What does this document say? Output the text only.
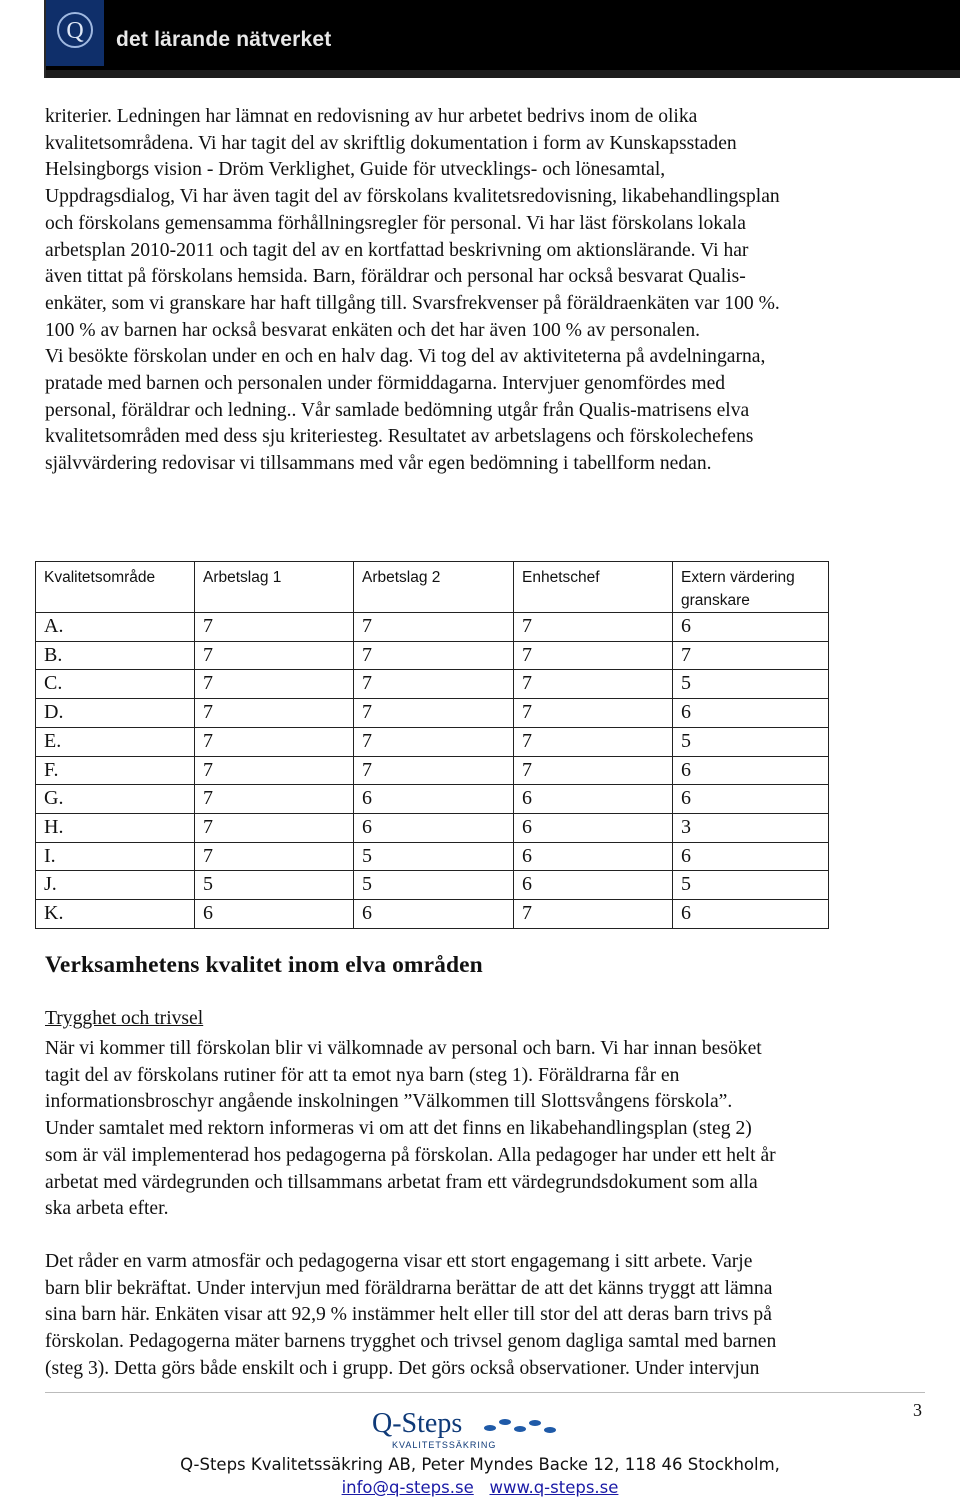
Q det lärande nätverket

kriterier. Ledningen har lämnat en redovisning av hur arbetet bedrivs inom de olika

kvalitetsområdena. Vi har tagit del av skriftlig dokumentation i form av Kunskapsstaden

Helsingborgs vision - Dröm Verklighet, Guide för utvecklings- och lönesamtal,

Uppdragsdialog, Vi har även tagit del av förskolans kvalitetsredovisning, likabehandlingsplan

och förskolans gemensamma förhållningsregler för personal. Vi har läst förskolans lokala

arbetsplan 2010-2011 och tagit del av en kortfattad beskrivning om aktionslärande. Vi har

även tittat på förskolans hemsida. Barn, föräldrar och personal har också besvarat Qualis-

enkäter, som vi granskare har haft tillgång till. Svarsfrekvenser på föräldraenkäten var 100 %.

100 % av barnen har också besvarat enkäten och det har även 100 % av personalen.

Vi besökte förskolan under en och en halv dag. Vi tog del av aktiviteterna på avdelningarna,

pratade med barnen och personalen under förmiddagarna. Intervjuer genomfördes med

personal, föräldrar och ledning.. Vår samlade bedömning utgår från Qualis-matrisens elva

kvalitetsområden med dess sju kriteriesteg. Resultatet av arbetslagens och förskolechefens

självvärdering redovisar vi tillsammans med vår egen bedömning i tabellform nedan.

Kvalitetsområde	Arbetslag 1	Arbetslag 2	Enhetschef	Extern värdering granskare
A.	7	7	7	6
B.	7	7	7	7
C.	7	7	7	5
D.	7	7	7	6
E.	7	7	7	5
F.	7	7	7	6
G.	7	6	6	6
H.	7	6	6	3
I.	7	5	6	6
J.	5	5	6	5
K.	6	6	7	6
Verksamhetens kvalitet inom elva områden
Trygghet och trivsel

När vi kommer till förskolan blir vi välkomnade av personal och barn. Vi har innan besöket

tagit del av förskolans rutiner för att ta emot nya barn (steg 1). Föräldrarna får en

informationsbroschyr angående inskolningen ”Välkommen till Slottsvångens förskola”.

Under samtalet med rektorn informeras vi om att det finns en likabehandlingsplan (steg 2)

som är väl implementerad hos pedagogerna på förskolan. Alla pedagoger har under ett helt år

arbetat med värdegrunden och tillsammans arbetat fram ett värdegrundsdokument som alla

ska arbeta efter.

Det råder en varm atmosfär och pedagogerna visar ett stort engagemang i sitt arbete. Varje

barn blir bekräftat. Under intervjun med föräldrarna berättar de att det känns tryggt att lämna

sina barn här. Enkäten visar att 92,9 % instämmer helt eller till stor del att deras barn trivs på

förskolan. Pedagogerna mäter barnens trygghet och trivsel genom dagliga samtal med barnen

(steg 3). Detta görs både enskilt och i grupp. Det görs också observationer. Under intervjun

3
Q-Steps
KVALITETSSÄKRING
Q-Steps Kvalitetssäkring AB, Peter Myndes Backe 12, 118 46 Stockholm,
info@q-steps.se www.q-steps.se
